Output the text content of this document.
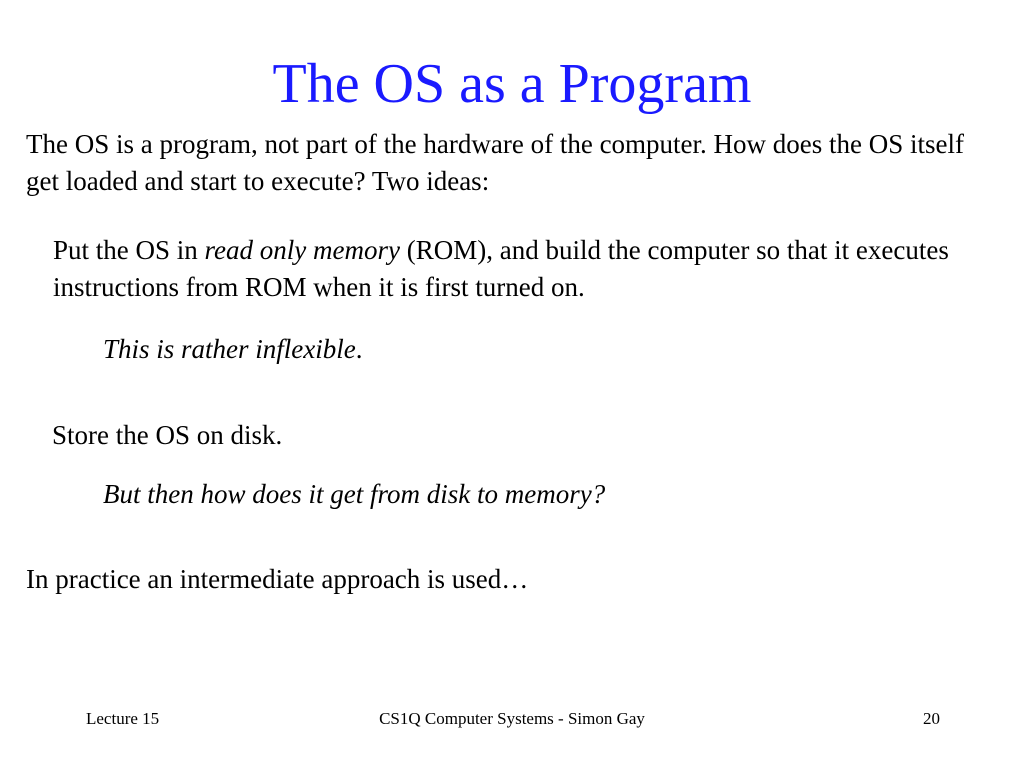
The OS as a Program

The OS is a program, not part of the hardware of the computer. How does the OS itself get loaded and start to execute? Two ideas:

Put the OS in read only memory (ROM), and build the computer so that it executes instructions from ROM when it is first turned on.

This is rather inflexible.

Store the OS on disk.

But then how does it get from disk to memory?

In practice an intermediate approach is used…

Lecture 15	CS1Q Computer Systems - Simon Gay	20
